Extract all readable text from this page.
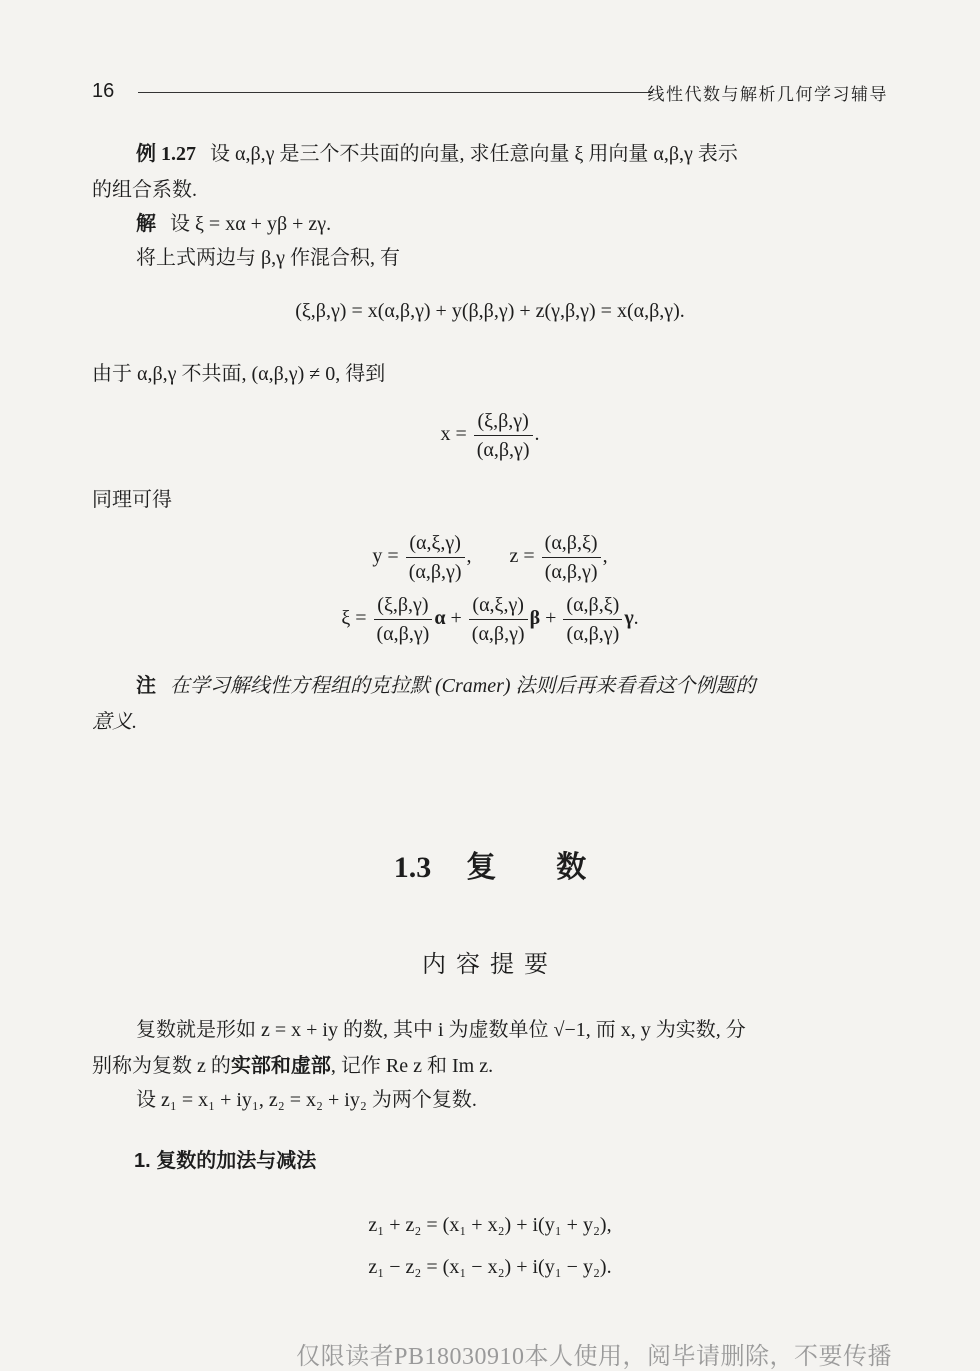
16	线性代数与解析几何学习辅导
例 1.27 设 α,β,γ 是三个不共面的向量, 求任意向量 ξ 用向量 α,β,γ 表示
的组合系数.
解 设 ξ = xα + yβ + zγ.
将上式两边与 β,γ 作混合积, 有
(ξ,β,γ) = x(α,β,γ) + y(β,β,γ) + z(γ,β,γ) = x(α,β,γ).
由于 α,β,γ 不共面, (α,β,γ) ≠ 0, 得到
$x = \frac{(\xi,\beta,\gamma)}{(\alpha,\beta,\gamma)}$ .
同理可得
$y = \frac{(\alpha,\xi,\gamma)}{(\alpha,\beta,\gamma)}$ ,  $z = \frac{(\alpha,\beta,\xi)}{(\alpha,\beta,\gamma)}$ ,
$\xi = \frac{(\xi,\beta,\gamma)}{(\alpha,\beta,\gamma)}$ $\alpha + \frac{(\alpha,\xi,\gamma)}{(\alpha,\beta,\gamma)}$ $\beta + \frac{(\alpha,\beta,\xi)}{(\alpha,\beta,\gamma)} \gamma$.
注 在学习解线性方程组的克拉默 (Cramer) 法则后再来看看这个例题的
意义.
1.3 复　　数
内容提要
复数就是形如 z = x + iy 的数, 其中 i 为虚数单位 √−1, 而 x, y 为实数, 分
别称为复数 z 的实部和虚部, 记作 Re z 和 Im z.
设 z₁ = x₁ + iy₁, z₂ = x₂ + iy₂ 为两个复数.
1. 复数的加法与减法
z₁ + z₂ = (x₁ + x₂) + i(y₁ + y₂),
z₁ − z₂ = (x₁ − x₂) + i(y₁ − y₂).
仅限读者PB18030910本人使用，阅毕请删除，不要传播
